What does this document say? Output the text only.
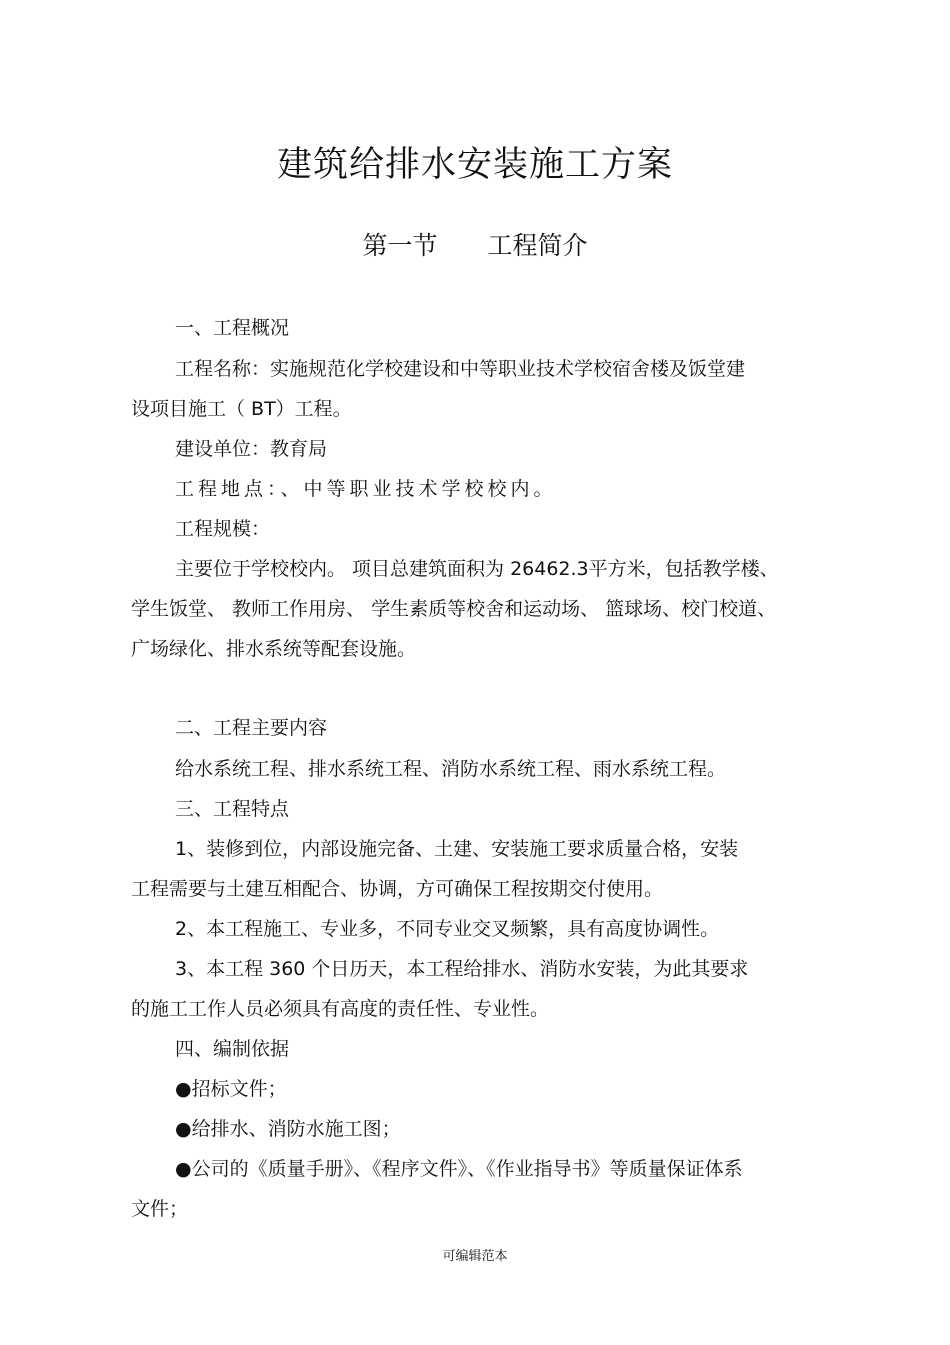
建筑给排水安装施工方案
第一节　　工程简介
一、工程概况
工程名称：实施规范化学校建设和中等职业技术学校宿舍楼及饭堂建
设项目施工（ BT）工程。
建设单位：教育局
工程地点：、中等职业技术学校校内。
工程规模：
主要位于学校校内。 项目总建筑面积为 26462.3平方米，包括教学楼、
学生饭堂、 教师工作用房、 学生素质等校舍和运动场、 篮球场、校门校道、
广场绿化、排水系统等配套设施。
二、工程主要内容
给水系统工程、排水系统工程、消防水系统工程、雨水系统工程。
三、工程特点
1、装修到位，内部设施完备、土建、安装施工要求质量合格，安装
工程需要与土建互相配合、协调，方可确保工程按期交付使用。
2、本工程施工、专业多，不同专业交叉频繁，具有高度协调性。
3、本工程 360 个日历天，本工程给排水、消防水安装，为此其要求
的施工工作人员必须具有高度的责任性、专业性。
四、编制依据
●招标文件；
●给排水、消防水施工图；
●公司的《质量手册》、《程序文件》、《作业指导书》等质量保证体系
文件；
可编辑范本
